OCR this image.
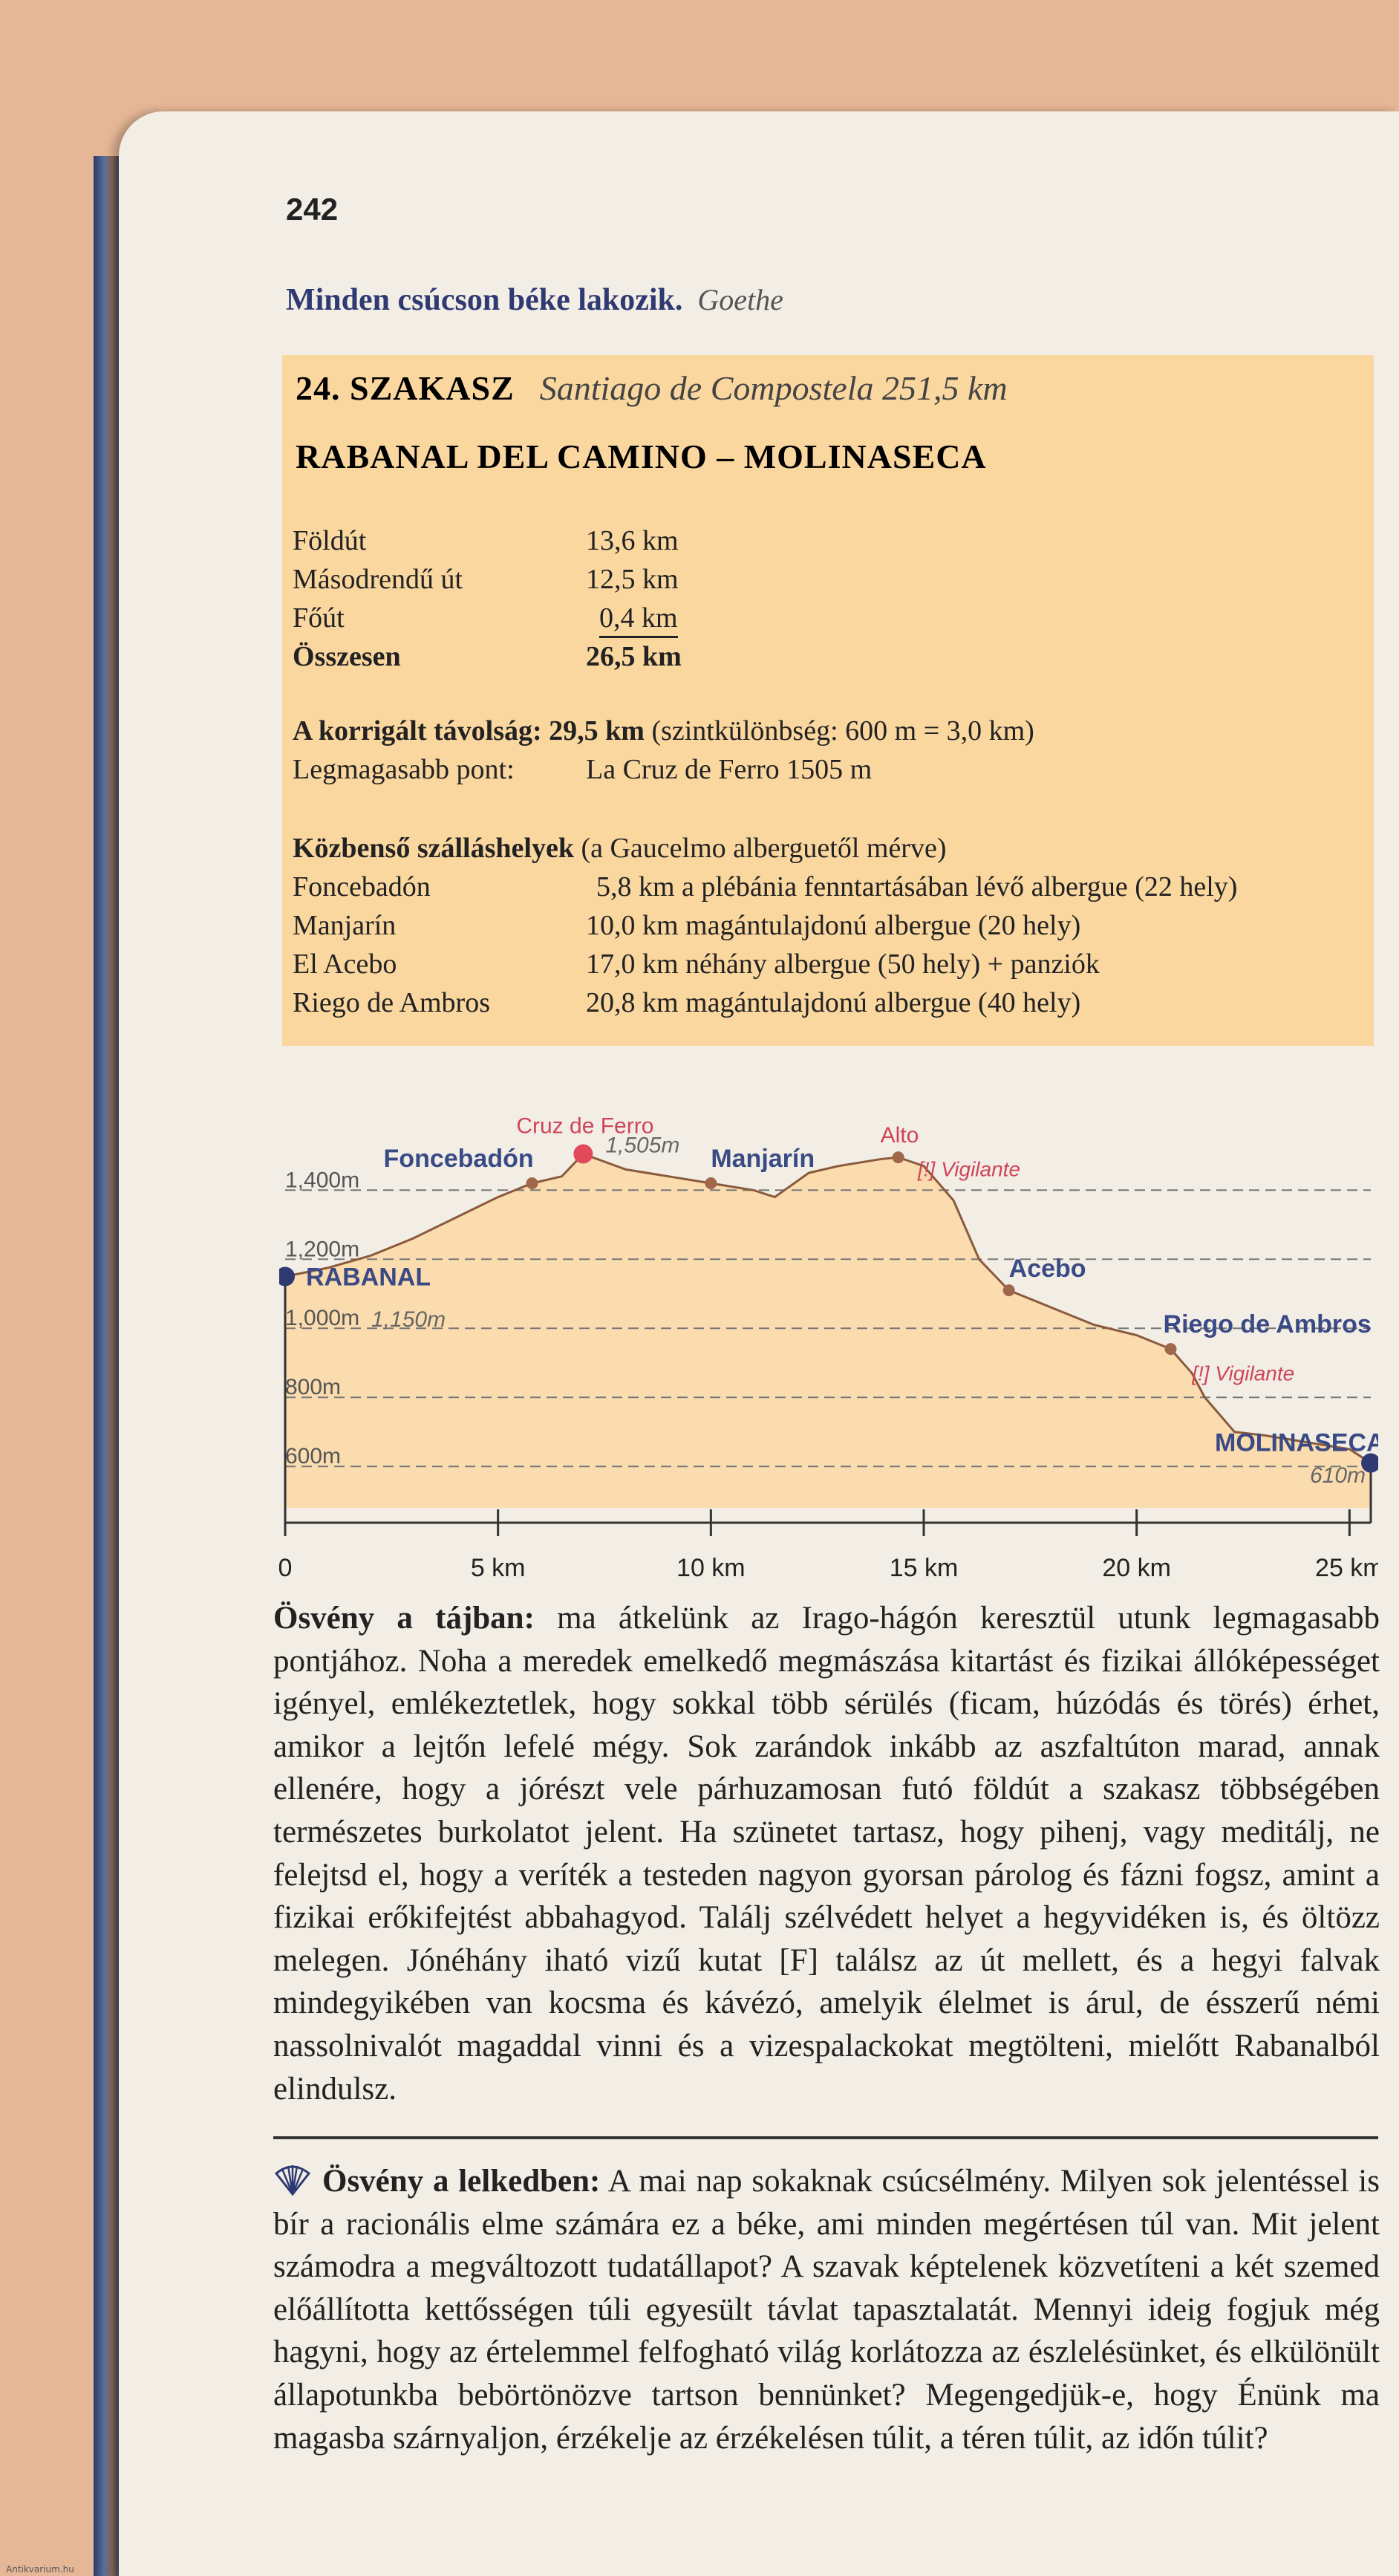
242
Minden csúcson béke lakozik. Goethe
24. SZAKASZ Santiago de Compostela 251,5 km
RABANAL DEL CAMINO – MOLINASECA
Földút	13,6 km
Másodrendű út	12,5 km
Főút	0,4 km
Összesen	26,5 km
A korrigált távolság: 29,5 km (szintkülönbség: 600 m = 3,0 km)
Legmagasabb pont:	La Cruz de Ferro 1505 m
Közbenső szálláshelyek (a Gaucelmo alberguetől mérve)
Foncebadón	5,8 km a plébánia fenntartásában lévő albergue (22 hely)
Manjarín	10,0 km magántulajdonú albergue (20 hely)
El Acebo	17,0 km néhány albergue (50 hely) + panziók
Riego de Ambros	20,8 km magántulajdonú albergue (40 hely)
1,400m
1,200m
1,000m
800m
600m
0	5 km	10 km	15 km	20 km	25 km
RABANAL
Foncebadón
Cruz de Ferro
Manjarín
Alto
Acebo
Riego de Ambros
MOLINASECA
1,505m
1,150m
610m
[!] Vigilante
[!] Vigilante
Ösvény a tájban: ma átkelünk az Irago-hágón keresztül utunk legmagasabb pontjához. Noha a meredek emelkedő megmászása kitartást és fizikai állóképességet igényel, emlékeztetlek, hogy sokkal több sérülés (ficam, húzódás és törés) érhet, amikor a lejtőn lefelé mégy. Sok zarándok inkább az aszfaltúton marad, annak ellenére, hogy a jórészt vele párhuzamosan futó földút a szakasz többségében természetes burkolatot jelent. Ha szünetet tartasz, hogy pihenj, vagy meditálj, ne felejtsd el, hogy a veríték a testeden nagyon gyorsan párolog és fázni fogsz, amint a fizikai erőkifejtést abbahagyod. Találj szélvédett helyet a hegyvidéken is, és öltözz melegen. Jónéhány iható vizű kutat [F] találsz az út mellett, és a hegyi falvak mindegyikében van kocsma és kávézó, amelyik élelmet is árul, de ésszerű némi nassolnivalót magaddal vinni és a vizespalackokat megtölteni, mielőtt Rabanalból elindulsz.
Ösvény a lelkedben: A mai nap sokaknak csúcsélmény. Milyen sok jelentéssel is bír a racionális elme számára ez a béke, ami minden megértésen túl van. Mit jelent számodra a megváltozott tudatállapot? A szavak képtelenek közvetíteni a két szemed előállította kettősségen túli egyesült távlat tapasztalatát. Mennyi ideig fogjuk még hagyni, hogy az értelemmel felfogható világ korlátozza az észlelésünket, és elkülönült állapotunkba bebörtönözve tartson bennünket? Megengedjük-e, hogy Énünk ma magasba szárnyaljon, érzékelje az érzékelésen túlit, a téren túlit, az időn túlit?
Antikvarium.hu
